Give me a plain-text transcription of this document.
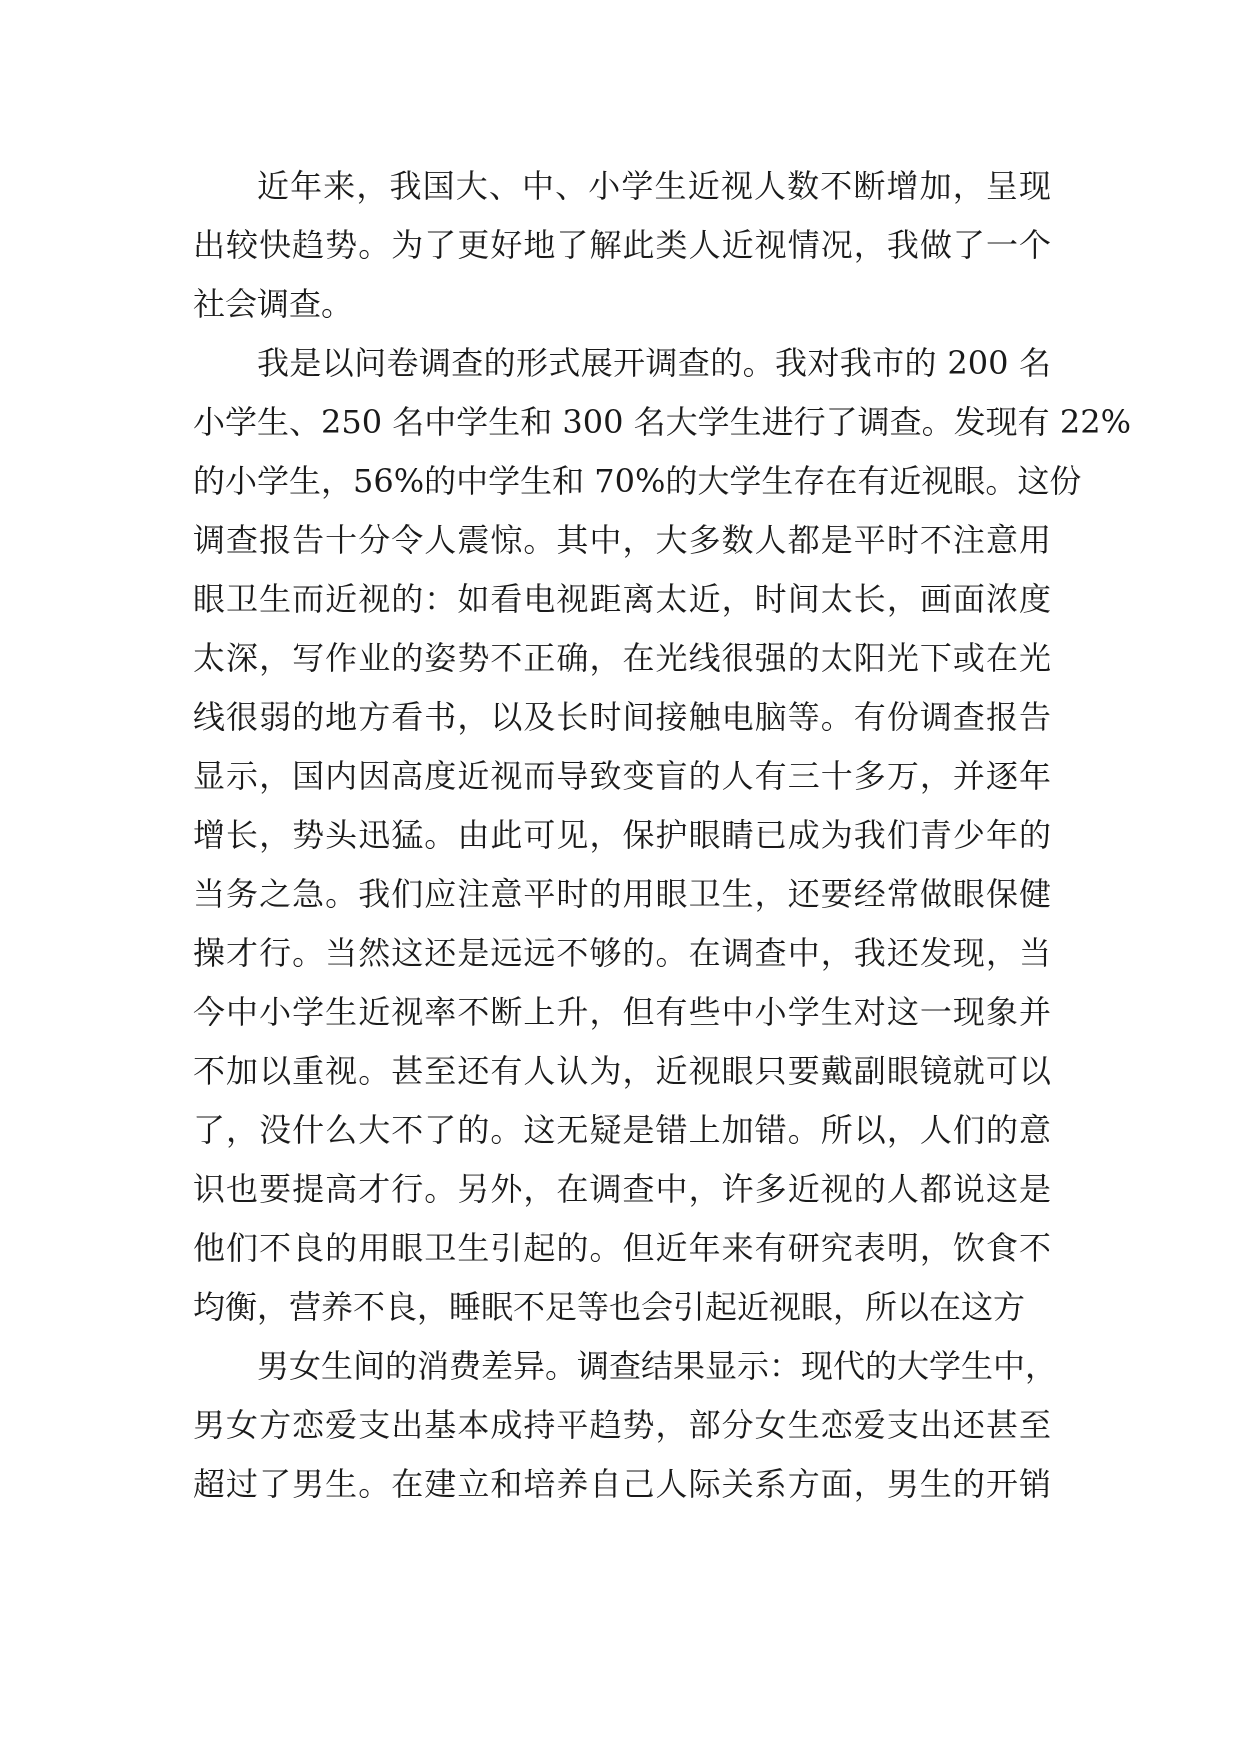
近年来，我国大、中、小学生近视人数不断增加，呈现
出较快趋势。为了更好地了解此类人近视情况，我做了一个
社会调查。
我是以问卷调查的形式展开调查的。我对我市的 200 名
小学生、250 名中学生和 300 名大学生进行了调查。发现有 22%
的小学生，56%的中学生和 70%的大学生存在有近视眼。这份
调查报告十分令人震惊。其中，大多数人都是平时不注意用
眼卫生而近视的：如看电视距离太近，时间太长，画面浓度
太深，写作业的姿势不正确，在光线很强的太阳光下或在光
线很弱的地方看书，以及长时间接触电脑等。有份调查报告
显示，国内因高度近视而导致变盲的人有三十多万，并逐年
增长，势头迅猛。由此可见，保护眼睛已成为我们青少年的
当务之急。我们应注意平时的用眼卫生，还要经常做眼保健
操才行。当然这还是远远不够的。在调查中，我还发现，当
今中小学生近视率不断上升，但有些中小学生对这一现象并
不加以重视。甚至还有人认为，近视眼只要戴副眼镜就可以
了，没什么大不了的。这无疑是错上加错。所以，人们的意
识也要提高才行。另外，在调查中，许多近视的人都说这是
他们不良的用眼卫生引起的。但近年来有研究表明，饮食不
均衡，营养不良，睡眠不足等也会引起近视眼，所以在这方
男女生间的消费差异。调查结果显示：现代的大学生中，
男女方恋爱支出基本成持平趋势，部分女生恋爱支出还甚至
超过了男生。在建立和培养自己人际关系方面，男生的开销
